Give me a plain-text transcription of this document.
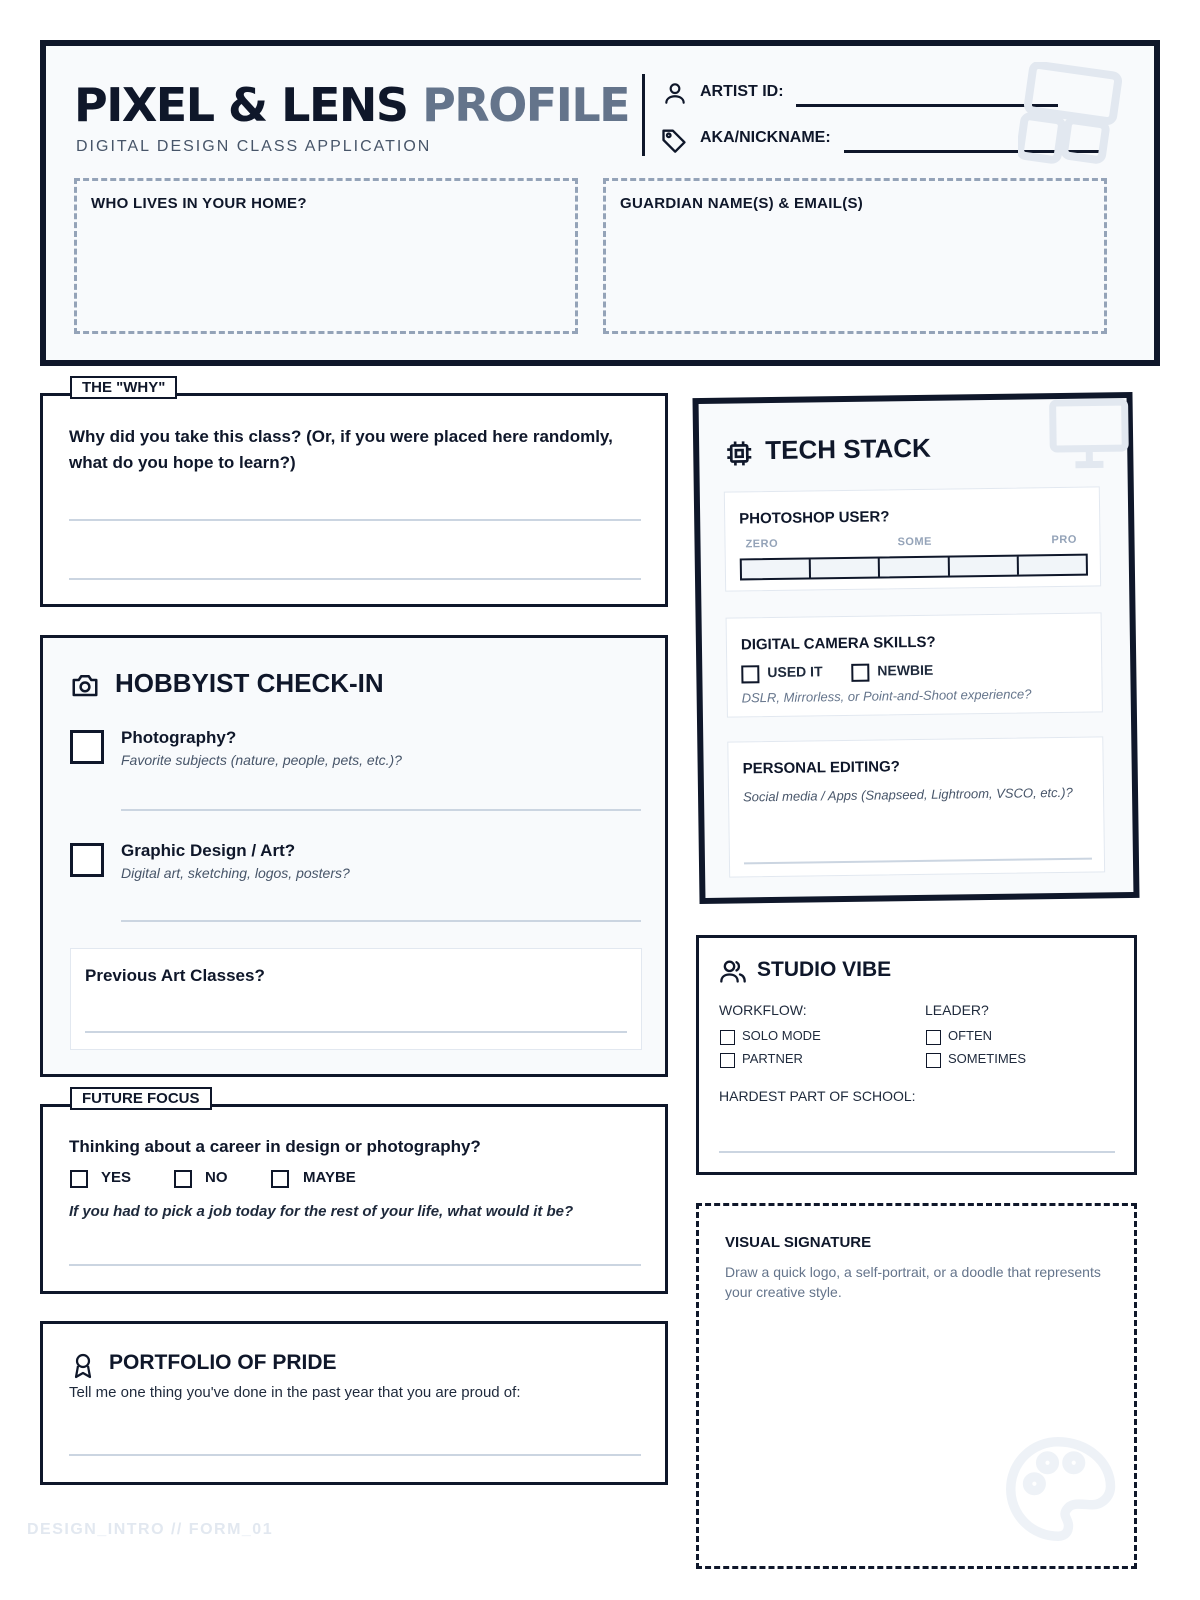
PIXEL & LENS PROFILE
DIGITAL DESIGN CLASS APPLICATION
ARTIST ID:
AKA/NICKNAME:
WHO LIVES IN YOUR HOME?	GUARDIAN NAME(S) & EMAIL(S)
Why did you take this class? (Or, if you were placed here randomly, what do you hope to learn?)
THE "WHY"
HOBBYIST CHECK-IN
Photography?
Favorite subjects (nature, people, pets, etc.)?
Graphic Design / Art?
Digital art, sketching, logos, posters?
Previous Art Classes?
Thinking about a career in design or photography?
YES	NO	MAYBE
If you had to pick a job today for the rest of your life, what would it be?
FUTURE FOCUS
PORTFOLIO OF PRIDE
Tell me one thing you've done in the past year that you are proud of:
TECH STACK
PHOTOSHOP USER?
ZERO	SOME	PRO
DIGITAL CAMERA SKILLS?
USED IT	NEWBIE
DSLR, Mirrorless, or Point-and-Shoot experience?
PERSONAL EDITING?
Social media / Apps (Snapseed, Lightroom, VSCO, etc.)?
STUDIO VIBE
WORKFLOW:
SOLO MODE
PARTNER
LEADER?
OFTEN
SOMETIMES
HARDEST PART OF SCHOOL:
VISUAL SIGNATURE
Draw a quick logo, a self-portrait, or a doodle that represents your creative style.
DESIGN_INTRO // FORM_01
